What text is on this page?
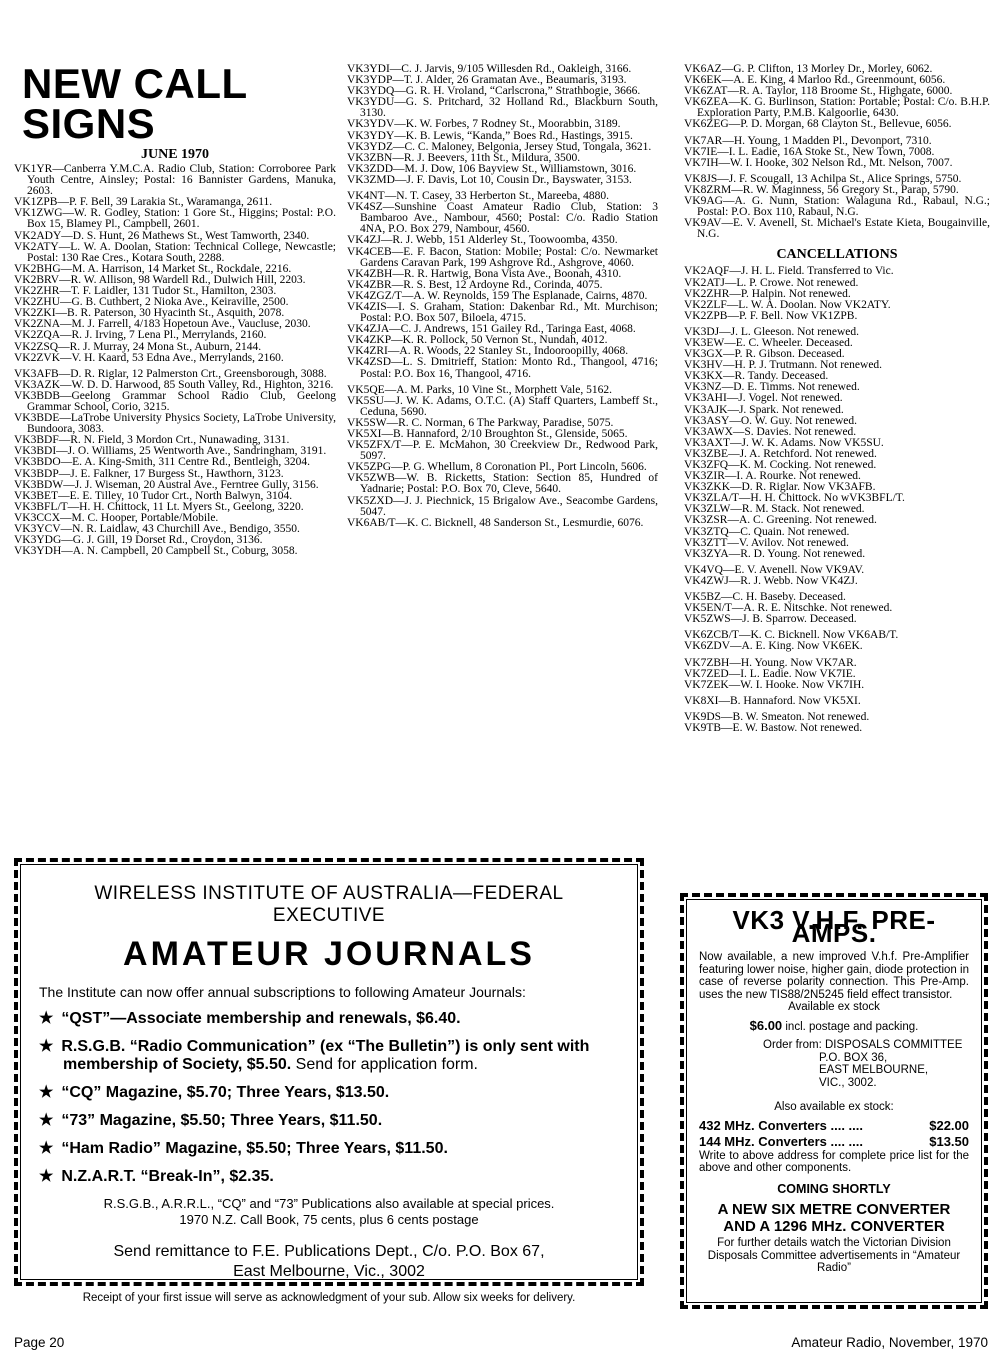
NEW CALL SIGNS

JUNE 1970

VK1YR—Canberra Y.M.C.A. Radio Club, Station: Corroboree Park Youth Centre, Ainsley; Postal: 16 Bannister Gardens, Manuka, 2603.

VK1ZPB—P. F. Bell, 39 Larakia St., Waramanga, 2611.

VK1ZWG—W. R. Godley, Station: 1 Gore St., Higgins; Postal: P.O. Box 15, Blamey Pl., Campbell, 2601.

VK2ADY—D. S. Hunt, 26 Mathews St., West Tamworth, 2340.

VK2ATY—L. W. A. Doolan, Station: Technical College, Newcastle; Postal: 130 Rae Cres., Kotara South, 2288.

VK2BHG—M. A. Harrison, 14 Market St., Rockdale, 2216.

VK2BRV—R. W. Allison, 98 Wardell Rd., Dulwich Hill, 2203.

VK2ZHR—T. F. Laidler, 131 Tudor St., Hamilton, 2303.

VK2ZHU—G. B. Cuthbert, 2 Nioka Ave., Keiraville, 2500.

VK2ZKI—B. R. Paterson, 30 Hyacinth St., Asquith, 2078.

VK2ZNA—M. J. Farrell, 4/183 Hopetoun Ave., Vaucluse, 2030.

VK2ZQA—R. J. Irving, 7 Lena Pl., Merrylands, 2160.

VK2ZSQ—R. J. Murray, 24 Mona St., Auburn, 2144.

VK2ZVK—V. H. Kaard, 53 Edna Ave., Merrylands, 2160.

VK3AFB—D. R. Riglar, 12 Palmerston Crt., Greensborough, 3088.

VK3AZK—W. D. D. Harwood, 85 South Valley, Rd., Highton, 3216.

VK3BDB—Geelong Grammar School Radio Club, Geelong Grammar School, Corio, 3215.

VK3BDE—LaTrobe University Physics Society, LaTrobe University, Bundoora, 3083.

VK3BDF—R. N. Field, 3 Mordon Crt., Nunawading, 3131.

VK3BDI—J. O. Williams, 25 Wentworth Ave., Sandringham, 3191.

VK3BDO—E. A. King-Smith, 311 Centre Rd., Bentleigh, 3204.

VK3BDP—J. E. Falkner, 17 Burgess St., Hawthorn, 3123.

VK3BDW—J. J. Wiseman, 20 Austral Ave., Ferntree Gully, 3156.

VK3BET—E. E. Tilley, 10 Tudor Crt., North Balwyn, 3104.

VK3BFL/T—H. H. Chittock, 11 Lt. Myers St., Geelong, 3220.

VK3CCX—M. C. Hooper, Portable/Mobile.

VK3YCV—N. R. Laidlaw, 43 Churchill Ave., Bendigo, 3550.

VK3YDG—G. J. Gill, 19 Dorset Rd., Croydon, 3136.

VK3YDH—A. N. Campbell, 20 Campbell St., Coburg, 3058.

VK3YDI—C. J. Jarvis, 9/105 Willesden Rd., Oakleigh, 3166.

VK3YDP—T. J. Alder, 26 Gramatan Ave., Beaumaris, 3193.

VK3YDQ—G. R. H. Vroland, “Carlscrona,” Strathbogie, 3666.

VK3YDU—G. S. Pritchard, 32 Holland Rd., Blackburn South, 3130.

VK3YDV—K. W. Forbes, 7 Rodney St., Moorabbin, 3189.

VK3YDY—K. B. Lewis, “Kanda,” Boes Rd., Hastings, 3915.

VK3YDZ—C. C. Maloney, Belgonia, Jersey Stud, Tongala, 3621.

VK3ZBN—R. J. Beevers, 11th St., Mildura, 3500.

VK3ZDD—M. J. Dow, 106 Bayview St., Williamstown, 3016.

VK3ZMD—J. F. Davis, Lot 10, Cousin Dr., Bayswater, 3153.

VK4NT—N. T. Casey, 33 Herberton St., Mareeba, 4880.

VK4SZ—Sunshine Coast Amateur Radio Club, Station: 3 Bambaroo Ave., Nambour, 4560; Postal: C/o. Radio Station 4NA, P.O. Box 279, Nambour, 4560.

VK4ZJ—R. J. Webb, 151 Alderley St., Toowoomba, 4350.

VK4CEB—E. F. Bacon, Station: Mobile; Postal: C/o. Newmarket Gardens Caravan Park, 199 Ashgrove Rd., Ashgrove, 4060.

VK4ZBH—R. R. Hartwig, Bona Vista Ave., Boonah, 4310.

VK4ZBR—R. S. Best, 12 Ardoyne Rd., Corinda, 4075.

VK4ZGZ/T—A. W. Reynolds, 159 The Esplanade, Cairns, 4870.

VK4ZIS—I. S. Graham, Station: Dakenbar Rd., Mt. Murchison; Postal: P.O. Box 507, Biloela, 4715.

VK4ZJA—C. J. Andrews, 151 Gailey Rd., Taringa East, 4068.

VK4ZKP—K. R. Pollock, 50 Vernon St., Nundah, 4012.

VK4ZRI—A. R. Woods, 22 Stanley St., Indooroopilly, 4068.

VK4ZSD—L. S. Dmitrieff, Station: Monto Rd., Thangool, 4716; Postal: P.O. Box 16, Thangool, 4716.

VK5QE—A. M. Parks, 10 Vine St., Morphett Vale, 5162.

VK5SU—J. W. K. Adams, O.T.C. (A) Staff Quarters, Lambeff St., Ceduna, 5690.

VK5SW—R. C. Norman, 6 The Parkway, Paradise, 5075.

VK5XI—B. Hannaford, 2/10 Broughton St., Glenside, 5065.

VK5ZFX/T—P. E. McMahon, 30 Creekview Dr., Redwood Park, 5097.

VK5ZPG—P. G. Whellum, 8 Coronation Pl., Port Lincoln, 5606.

VK5ZWB—W. B. Ricketts, Station: Section 85, Hundred of Yadnarie; Postal: P.O. Box 70, Cleve, 5640.

VK5ZXD—J. J. Piechnick, 15 Brigalow Ave., Seacombe Gardens, 5047.

VK6AB/T—K. C. Bicknell, 48 Sanderson St., Lesmurdie, 6076.

VK6AZ—G. P. Clifton, 13 Morley Dr., Morley, 6062.

VK6EK—A. E. King, 4 Marloo Rd., Greenmount, 6056.

VK6ZAT—R. A. Taylor, 118 Broome St., Highgate, 6000.

VK6ZEA—K. G. Burlinson, Station: Portable; Postal: C/o. B.H.P. Exploration Party, P.M.B. Kalgoorlie, 6430.

VK6ZEG—P. D. Morgan, 68 Clayton St., Bellevue, 6056.

VK7AR—H. Young, 1 Madden Pl., Devonport, 7310.

VK7IE—I. L. Eadie, 16A Stoke St., New Town, 7008.

VK7IH—W. I. Hooke, 302 Nelson Rd., Mt. Nelson, 7007.

VK8JS—J. F. Scougall, 13 Achilpa St., Alice Springs, 5750.

VK8ZRM—R. W. Maginness, 56 Gregory St., Parap, 5790.

VK9AG—A. G. Nunn, Station: Walaguna Rd., Rabaul, N.G.; Postal: P.O. Box 110, Rabaul, N.G.

VK9AV—E. V. Avenell, St. Michael's Estate Kieta, Bougainville, N.G.

CANCELLATIONS

VK2AQF—J. H. L. Field. Transferred to Vic.

VK2ATJ—L. P. Crowe. Not renewed.

VK2ZHR—P. Halpin. Not renewed.

VK2ZLF—L. W. A. Doolan. Now VK2ATY.

VK2ZPB—P. F. Bell. Now VK1ZPB.

VK3DJ—J. L. Gleeson. Not renewed.

VK3EW—E. C. Wheeler. Deceased.

VK3GX—P. R. Gibson. Deceased.

VK3HV—H. P. J. Trutmann. Not renewed.

VK3KX—R. Tandy. Deceased.

VK3NZ—D. E. Timms. Not renewed.

VK3AHI—J. Vogel. Not renewed.

VK3AJK—J. Spark. Not renewed.

VK3ASY—O. W. Guy. Not renewed.

VK3AWX—S. Davies. Not renewed.

VK3AXT—J. W. K. Adams. Now VK5SU.

VK3ZBE—J. A. Retchford. Not renewed.

VK3ZFQ—K. M. Cocking. Not renewed.

VK3ZIR—I. A. Rourke. Not renewed.

VK3ZKK—D. R. Riglar. Now VK3AFB.

VK3ZLA/T—H. H. Chittock. No wVK3BFL/T.

VK3ZLW—R. M. Stack. Not renewed.

VK3ZSR—A. C. Greening. Not renewed.

VK3ZTQ—C. Quain. Not renewed.

VK3ZTT—V. Avilov. Not renewed.

VK3ZYA—R. D. Young. Not renewed.

VK4VQ—E. V. Avenell. Now VK9AV.

VK4ZWJ—R. J. Webb. Now VK4ZJ.

VK5BZ—C. H. Baseby. Deceased.

VK5EN/T—A. R. E. Nitschke. Not renewed.

VK5ZWS—J. B. Sparrow. Deceased.

VK6ZCB/T—K. C. Bicknell. Now VK6AB/T.

VK6ZDV—A. E. King. Now VK6EK.

VK7ZBH—H. Young. Now VK7AR.

VK7ZED—I. L. Eadie. Now VK7IE.

VK7ZEK—W. I. Hooke. Now VK7IH.

VK8XI—B. Hannaford. Now VK5XI.

VK9DS—B. W. Smeaton. Not renewed.

VK9TB—E. W. Bastow. Not renewed.

WIRELESS INSTITUTE OF AUSTRALIA—FEDERAL EXECUTIVE

AMATEUR JOURNALS

The Institute can now offer annual subscriptions to following Amateur Journals:

★ “QST”—Associate membership and renewals, $6.40.

★ R.S.G.B. “Radio Communication” (ex “The Bulletin”) is only sent with membership of Society, $5.50. Send for application form.

★ “CQ” Magazine, $5.70; Three Years, $13.50.

★ “73” Magazine, $5.50; Three Years, $11.50.

★ “Ham Radio” Magazine, $5.50; Three Years, $11.50.

★ N.Z.A.R.T. “Break-In”, $2.35.

R.S.G.B., A.R.R.L., “CQ” and “73” Publications also available at special prices.

1970 N.Z. Call Book, 75 cents, plus 6 cents postage

Send remittance to F.E. Publications Dept., C/o. P.O. Box 67,
East Melbourne, Vic., 3002

Receipt of your first issue will serve as acknowledgment of your sub. Allow six weeks for delivery.

VK3 V.H.F. PRE-AMPS.

Now available, a new improved V.h.f. Pre-Amplifier featuring lower noise, higher gain, diode protection in case of reverse polarity connection. This Pre-Amp. uses the new TIS88/2N5245 field effect transistor.

Available ex stock

$6.00 incl. postage and packing.

Order from: DISPOSALS COMMITTEE

P.O. BOX 36,

EAST MELBOURNE,

VIC., 3002.

Also available ex stock:

432 MHz. Converters .... ....	$22.00
144 MHz. Converters .... ....	$13.50

Write to above address for complete price list for the above and other components.

COMING SHORTLY

A NEW SIX METRE CONVERTER

AND A 1296 MHz. CONVERTER

For further details watch the Victorian Division Disposals Committee advertisements in “Amateur Radio”

Page 20	Amateur Radio, November, 1970
